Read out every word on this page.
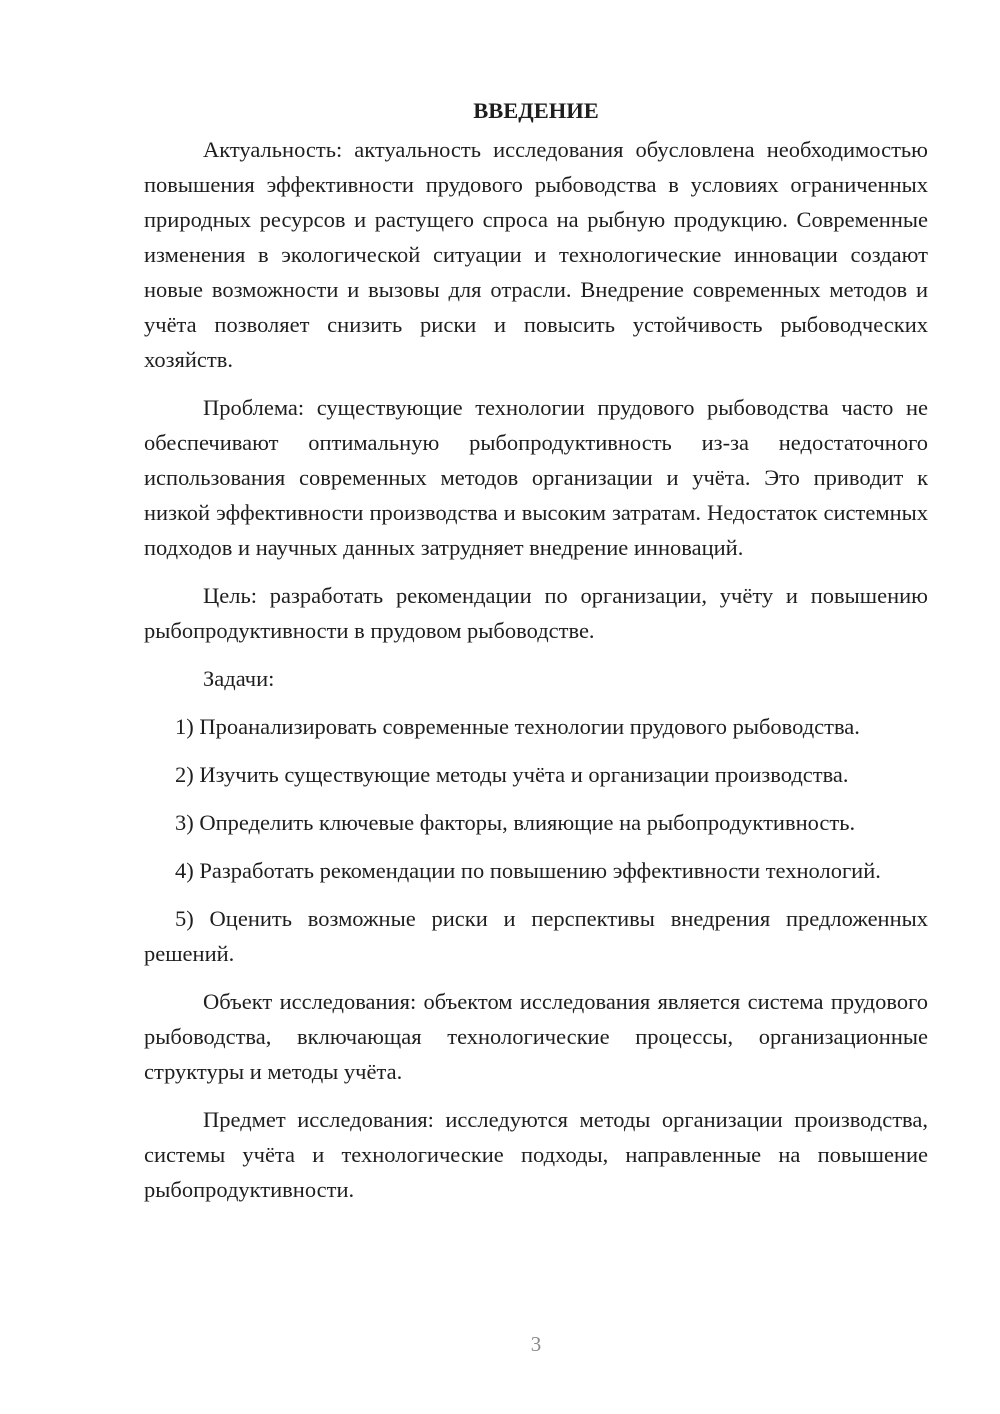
ВВЕДЕНИЕ

Актуальность: актуальность исследования обусловлена необходимостью повышения эффективности прудового рыбоводства в условиях ограниченных природных ресурсов и растущего спроса на рыбную продукцию. Современные изменения в экологической ситуации и технологические инновации создают новые возможности и вызовы для отрасли. Внедрение современных методов и учёта позволяет снизить риски и повысить устойчивость рыбоводческих хозяйств.

Проблема: существующие технологии прудового рыбоводства часто не обеспечивают оптимальную рыбопродуктивность из-за недостаточного использования современных методов организации и учёта. Это приводит к низкой эффективности производства и высоким затратам. Недостаток системных подходов и научных данных затрудняет внедрение инноваций.

Цель: разработать рекомендации по организации, учёту и повышению рыбопродуктивности в прудовом рыбоводстве.

Задачи:

1) Проанализировать современные технологии прудового рыбоводства.

2) Изучить существующие методы учёта и организации производства.

3) Определить ключевые факторы, влияющие на рыбопродуктивность.

4) Разработать рекомендации по повышению эффективности технологий.

5) Оценить возможные риски и перспективы внедрения предложенных решений.

Объект исследования: объектом исследования является система прудового рыбоводства, включающая технологические процессы, организационные структуры и методы учёта.

Предмет исследования: исследуются методы организации производства, системы учёта и технологические подходы, направленные на повышение рыбопродуктивности.

3
